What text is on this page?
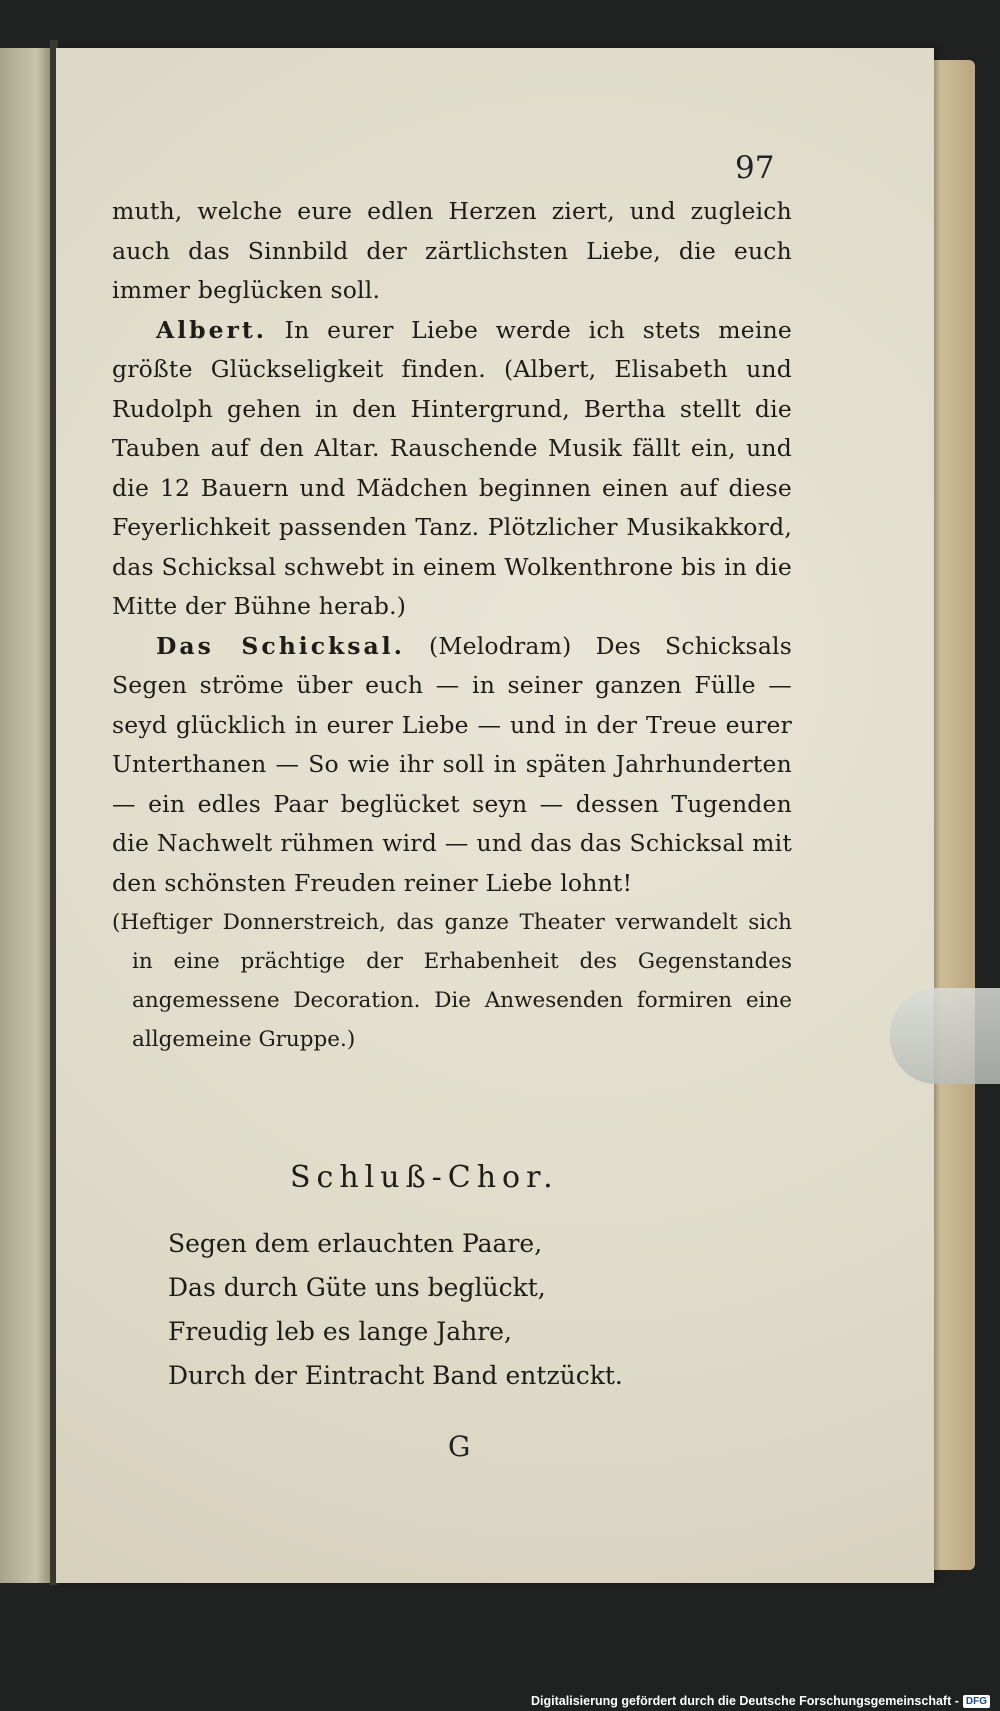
97

muth, welche eure edlen Herzen ziert, und zugleich auch das Sinnbild der zärtlichsten Liebe, die euch immer beglücken soll.

Albert. In eurer Liebe werde ich stets meine größte Glückseligkeit finden. (Albert, Elisabeth und Rudolph gehen in den Hintergrund, Bertha stellt die Tauben auf den Altar. Rauschende Musik fällt ein, und die 12 Bauern und Mädchen beginnen einen auf diese Feyerlichkeit passenden Tanz. Plötzlicher Musikakkord, das Schicksal schwebt in einem Wolkenthrone bis in die Mitte der Bühne herab.)

Das Schicksal. (Melodram) Des Schicksals Segen ströme über euch — in seiner ganzen Fülle — seyd glücklich in eurer Liebe — und in der Treue eurer Unterthanen — So wie ihr soll in späten Jahrhunderten — ein edles Paar beglücket seyn — dessen Tugenden die Nachwelt rühmen wird — und das das Schicksal mit den schönsten Freuden reiner Liebe lohnt!

(Heftiger Donnerstreich, das ganze Theater verwandelt sich in eine prächtige der Erhabenheit des Gegenstandes angemessene Decoration. Die Anwesenden formiren eine allgemeine Gruppe.)

Schluß-Chor.
Segen dem erlauchten Paare,
Das durch Güte uns beglückt,
Freudig leb es lange Jahre,
Durch der Eintracht Band entzückt.
G
Digitalisierung gefördert durch die Deutsche Forschungsgemeinschaft - DFG
